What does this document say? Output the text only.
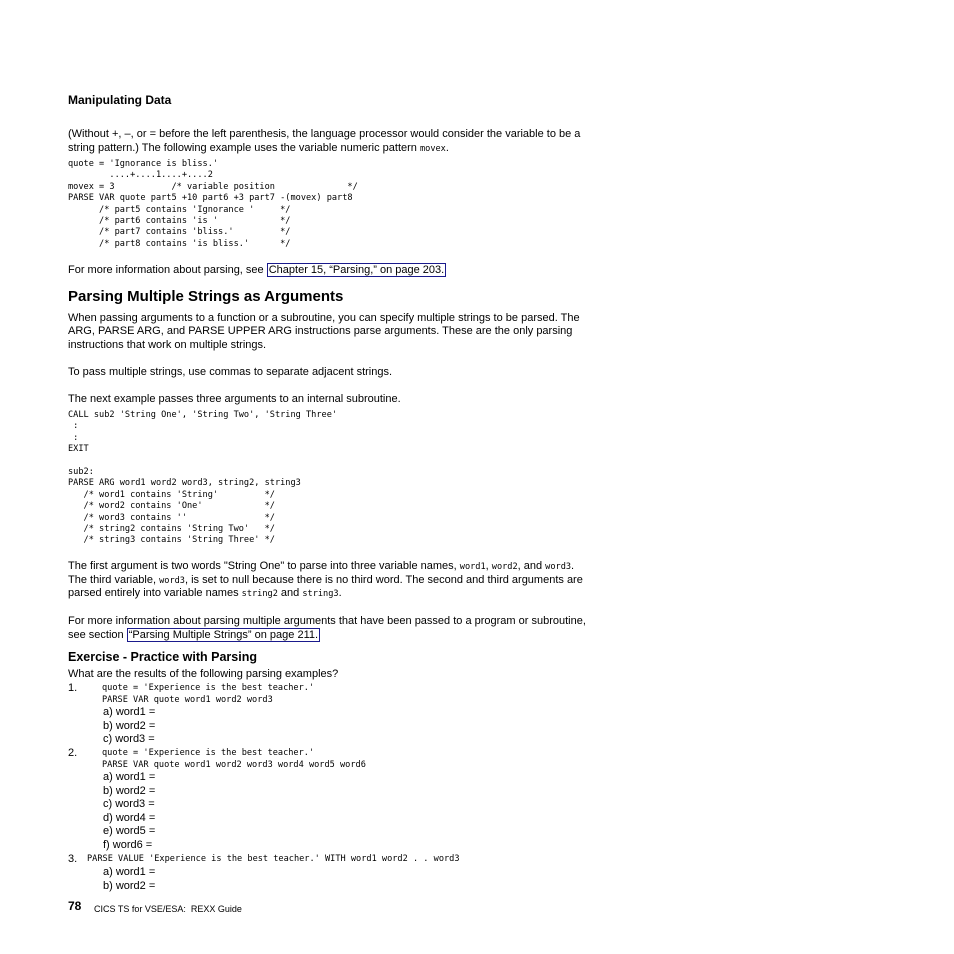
Manipulating Data
(Without +, –, or = before the left parenthesis, the language processor would consider the variable to be a
string pattern.) The following example uses the variable numeric pattern movex.
quote = 'Ignorance is bliss.'
....+....1....+....2
movex = 3           /* variable position              */
PARSE VAR quote part5 +10 part6 +3 part7 -(movex) part8
/* part5 contains 'Ignorance '     */
/* part6 contains 'is '            */
/* part7 contains 'bliss.'         */
/* part8 contains 'is bliss.'      */
For more information about parsing, see Chapter 15, “Parsing,” on page 203.
Parsing Multiple Strings as Arguments
When passing arguments to a function or a subroutine, you can specify multiple strings to be parsed. The
ARG, PARSE ARG, and PARSE UPPER ARG instructions parse arguments. These are the only parsing
instructions that work on multiple strings.
To pass multiple strings, use commas to separate adjacent strings.
The next example passes three arguments to an internal subroutine.
CALL sub2 'String One', 'String Two', 'String Three'
:
:
EXIT

sub2:
PARSE ARG word1 word2 word3, string2, string3
/* word1 contains 'String'         */
/* word2 contains 'One'            */
/* word3 contains ''               */
/* string2 contains 'String Two'   */
/* string3 contains 'String Three' */
The first argument is two words "String One" to parse into three variable names, word1, word2, and word3.
The third variable, word3, is set to null because there is no third word. The second and third arguments are
parsed entirely into variable names string2 and string3.
For more information about parsing multiple arguments that have been passed to a program or subroutine,
see section “Parsing Multiple Strings” on page 211.
Exercise - Practice with Parsing
What are the results of the following parsing examples?
1.	quote = 'Experience is the best teacher.'
PARSE VAR quote word1 word2 word3
a) word1 =
b) word2 =
c) word3 =
2.	quote = 'Experience is the best teacher.'
PARSE VAR quote word1 word2 word3 word4 word5 word6
a) word1 =
b) word2 =
c) word3 =
d) word4 =
e) word5 =
f) word6 =
3. PARSE VALUE 'Experience is the best teacher.' WITH word1 word2 . . word3
a) word1 =
b) word2 =
78 CICS TS for VSE/ESA:  REXX Guide
